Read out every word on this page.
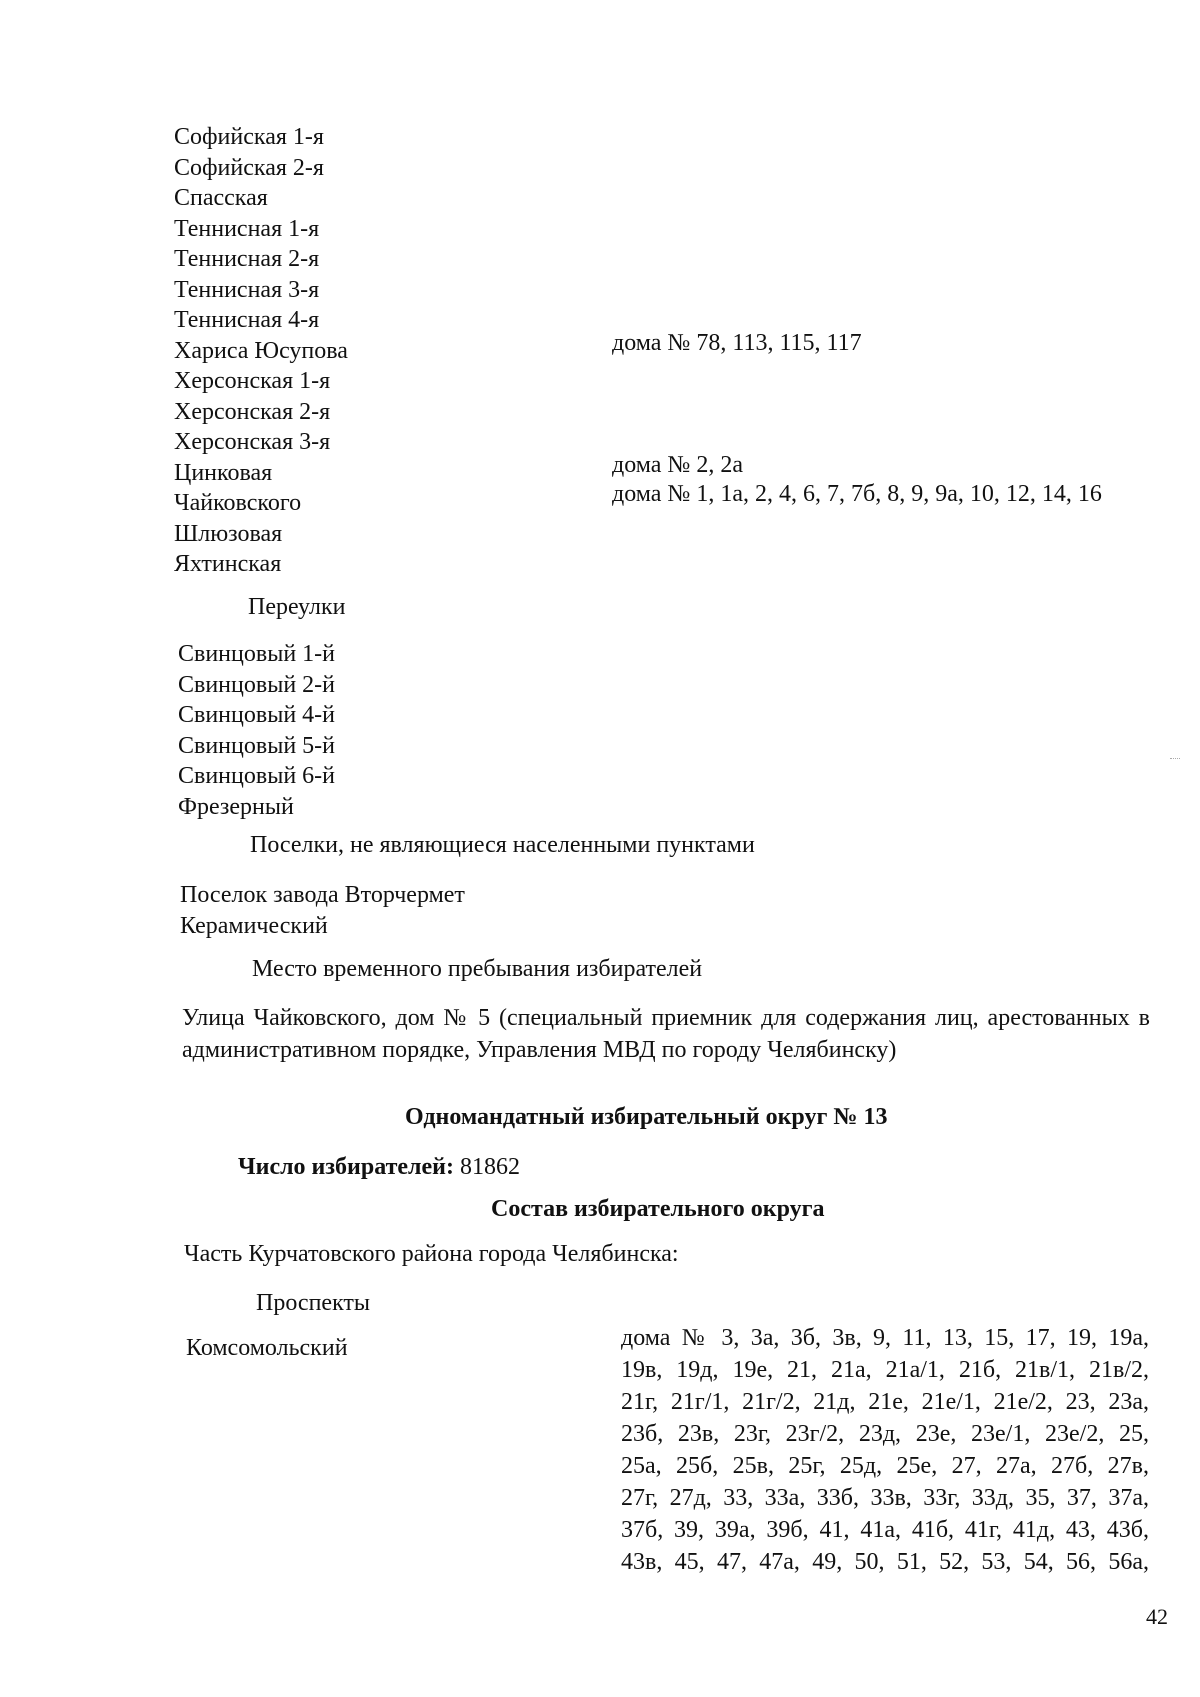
Софийская 1-я
Софийская 2-я
Спасская
Теннисная 1-я
Теннисная 2-я
Теннисная 3-я
Теннисная 4-я
Хариса Юсупова
Херсонская 1-я
Херсонская 2-я
Херсонская 3-я
Цинковая
Чайковского
Шлюзовая
Яхтинская
дома № 78, 113, 115, 117
дома № 2, 2а
дома № 1, 1а, 2, 4, 6, 7, 7б, 8, 9, 9а, 10, 12, 14, 16
Переулки
Свинцовый 1-й
Свинцовый 2-й
Свинцовый 4-й
Свинцовый 5-й
Свинцовый 6-й
Фрезерный
Поселки, не являющиеся населенными пунктами
Поселок завода Вторчермет
Керамический
Место временного пребывания избирателей
Улица Чайковского, дом № 5 (специальный приемник для содержания лиц, арестованных в административном порядке, Управления МВД по городу Челябинску)
Одномандатный избирательный округ № 13
Число избирателей: 81862
Состав избирательного округа
Часть Курчатовского района города Челябинска:
Проспекты
Комсомольский	дома № 3, 3а, 3б, 3в, 9, 11, 13, 15, 17, 19, 19а,
19в, 19д, 19е, 21, 21а, 21а/1, 21б, 21в/1, 21в/2,
21г, 21г/1, 21г/2, 21д, 21е, 21е/1, 21е/2, 23, 23а,
23б, 23в, 23г, 23г/2, 23д, 23е, 23е/1, 23е/2, 25,
25а, 25б, 25в, 25г, 25д, 25е, 27, 27а, 27б, 27в,
27г, 27д, 33, 33а, 33б, 33в, 33г, 33д, 35, 37, 37а,
37б, 39, 39а, 39б, 41, 41а, 41б, 41г, 41д, 43, 43б,
43в, 45, 47, 47а, 49, 50, 51, 52, 53, 54, 56, 56а,
42
